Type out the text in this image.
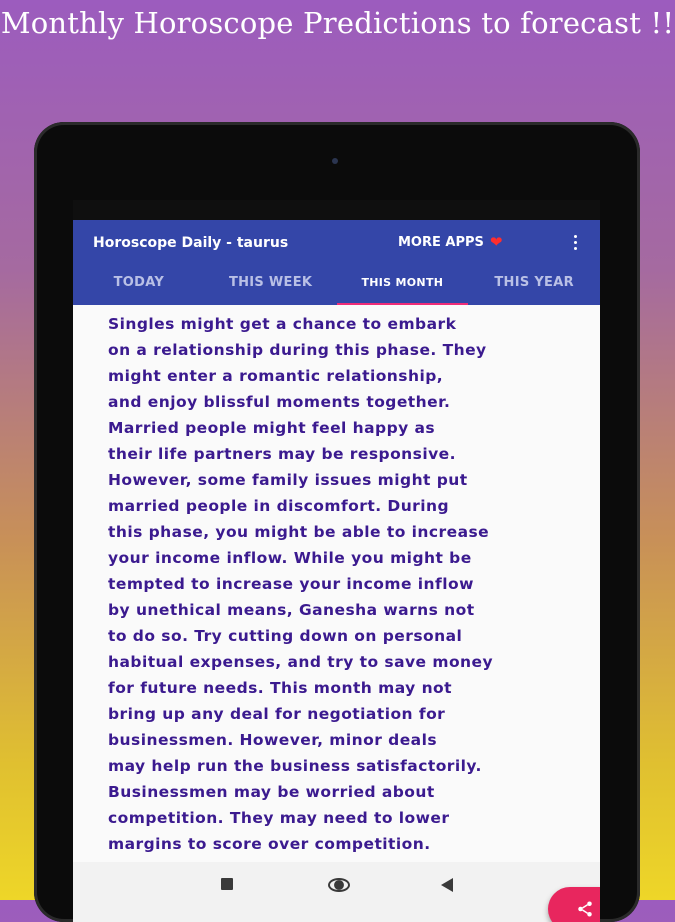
Monthly Horoscope Predictions to forecast !!
Horoscope Daily - taurus	MORE APPS ❤
TODAY	THIS WEEK	THIS MONTH	THIS YEAR

Singles might get a chance to embark

on a relationship during this phase. They

might enter a romantic relationship,

and enjoy blissful moments together.

Married people might feel happy as

their life partners may be responsive.

However, some family issues might put

married people in discomfort. During

this phase, you might be able to increase

your income inflow. While you might be

tempted to increase your income inflow

by unethical means, Ganesha warns not

to do so. Try cutting down on personal

habitual expenses, and try to save money

for future needs. This month may not

bring up any deal for negotiation for

businessmen. However, minor deals

may help run the business satisfactorily.

Businessmen may be worried about

competition. They may need to lower

margins to score over competition.
